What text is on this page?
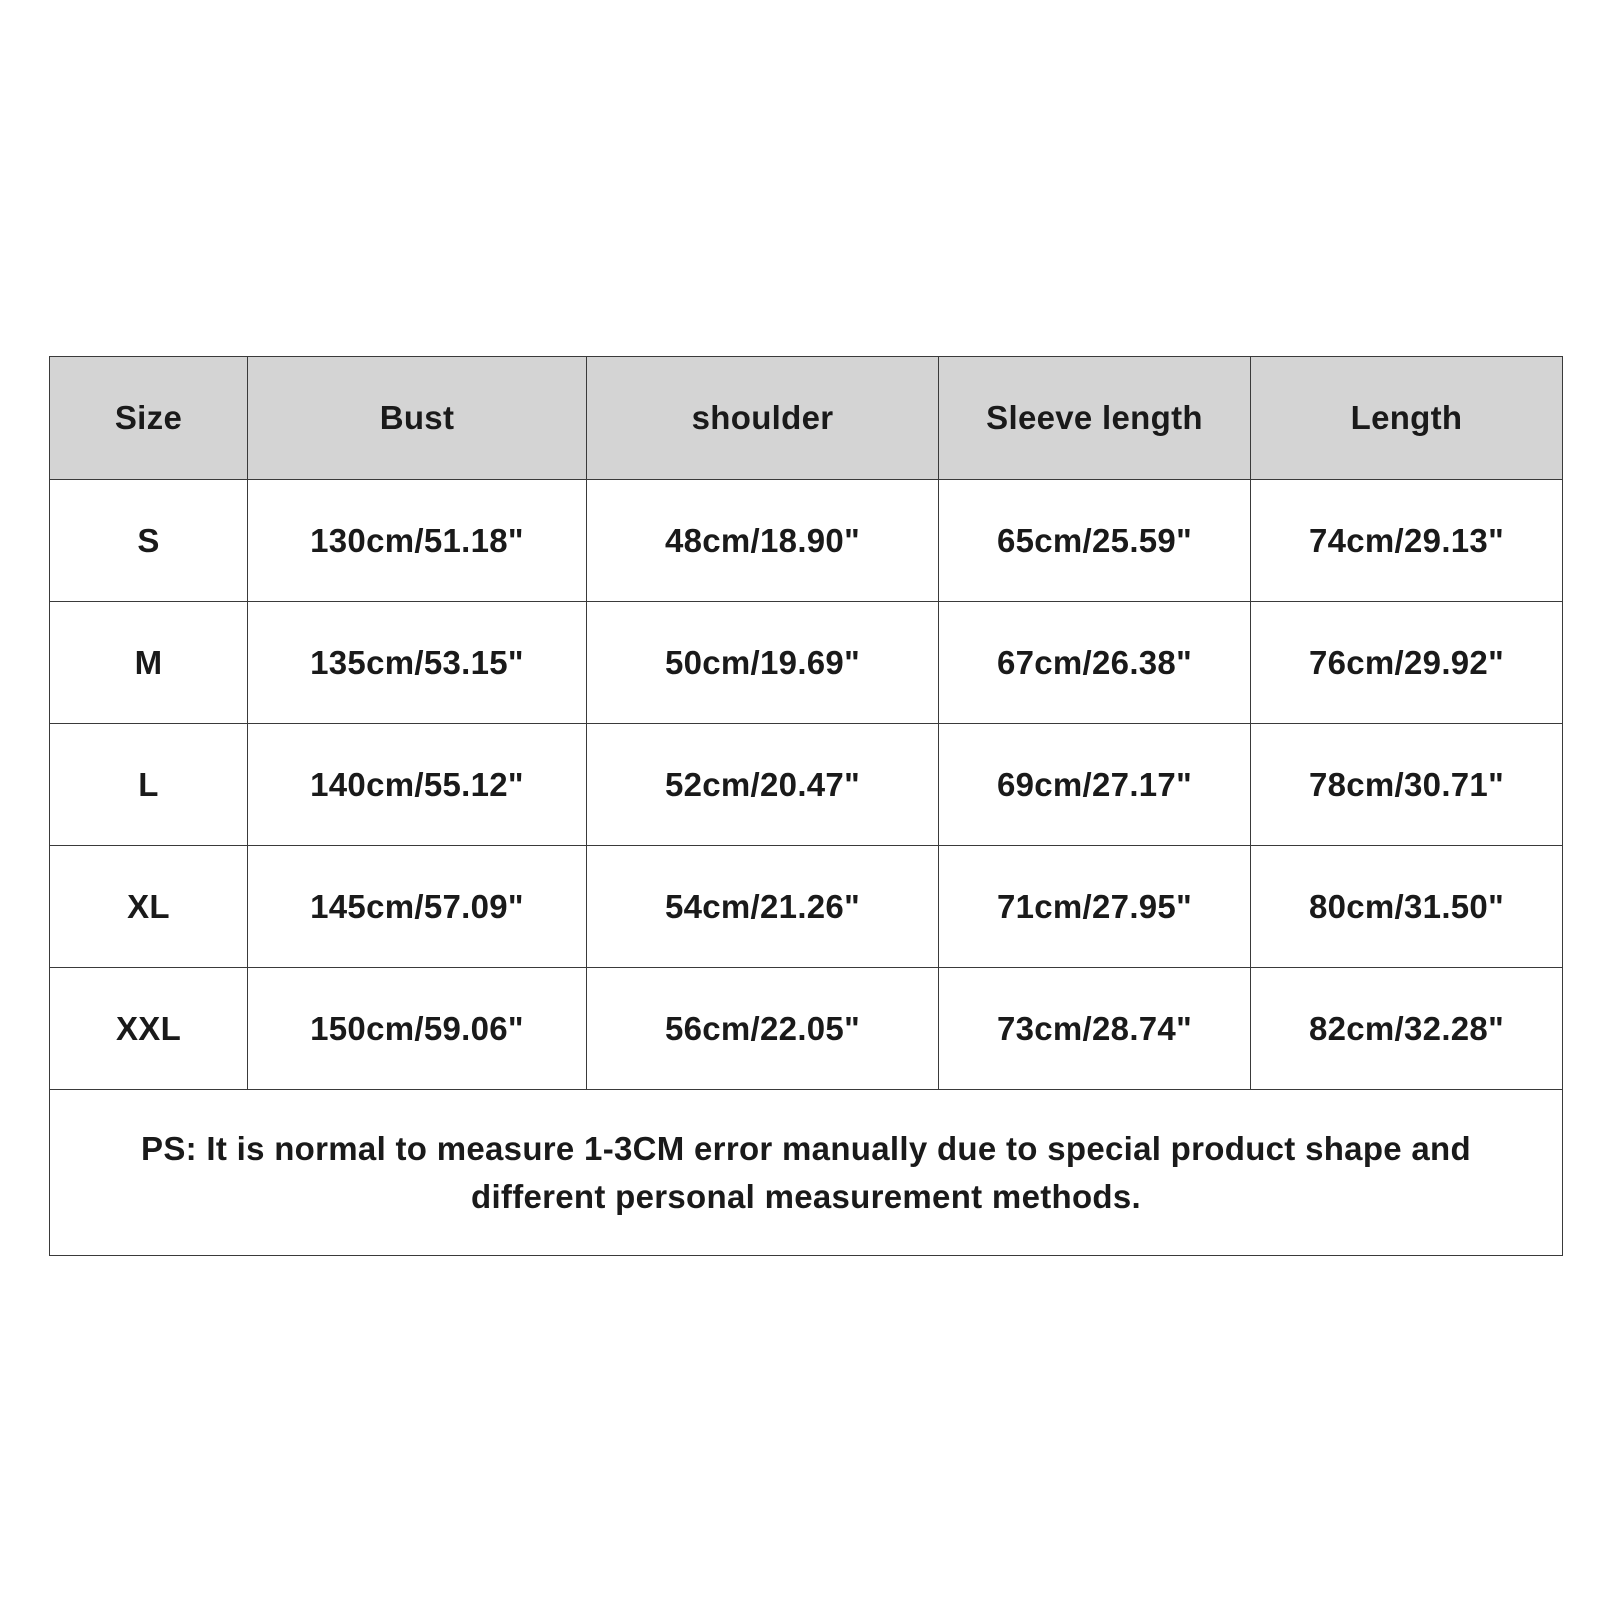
Size	Bust	shoulder	Sleeve length	Length
S	130cm/51.18"	48cm/18.90"	65cm/25.59"	74cm/29.13"
M	135cm/53.15"	50cm/19.69"	67cm/26.38"	76cm/29.92"
L	140cm/55.12"	52cm/20.47"	69cm/27.17"	78cm/30.71"
XL	145cm/57.09"	54cm/21.26"	71cm/27.95"	80cm/31.50"
XXL	150cm/59.06"	56cm/22.05"	73cm/28.74"	82cm/32.28"

PS: It is normal to measure 1-3CM error manually due to special product shape and
different personal measurement methods.				
